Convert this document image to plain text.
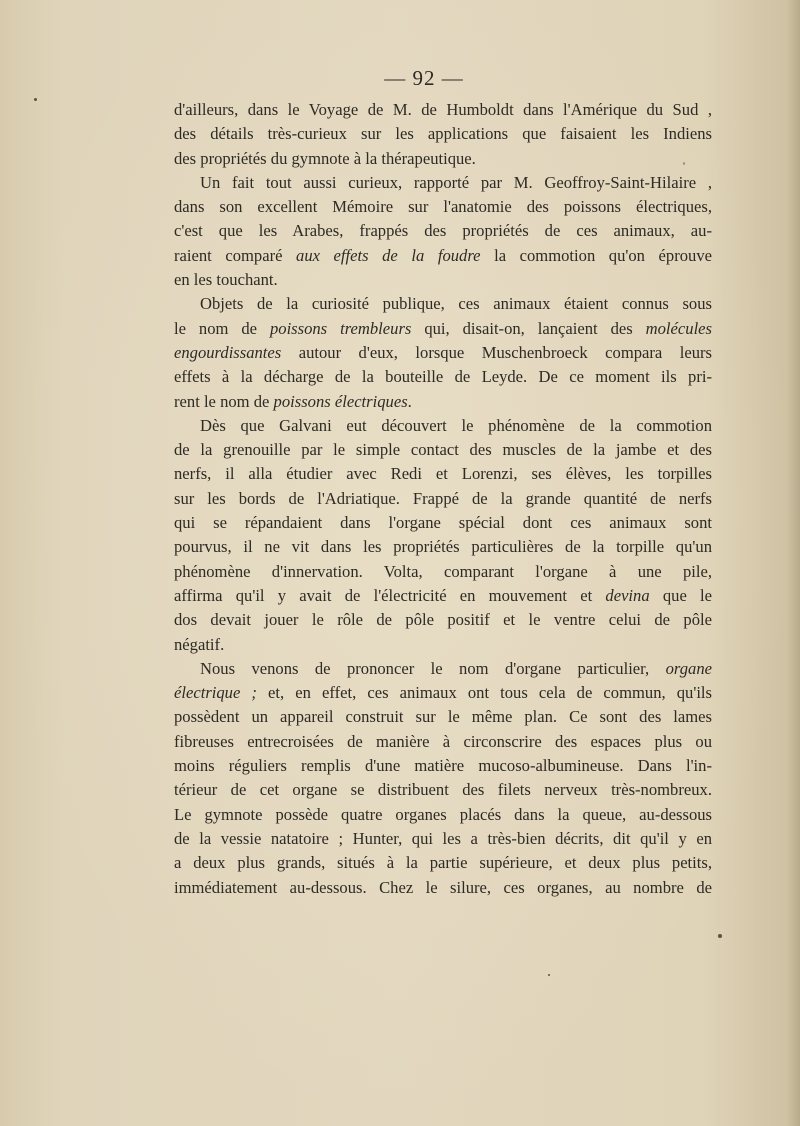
— 92 —

d'ailleurs, dans le Voyage de M. de Humboldt dans l'Amérique du Sud ,
des détails très-curieux sur les applications que faisaient les Indiens
des propriétés du gymnote à la thérapeutique.

Un fait tout aussi curieux, rapporté par M. Geoffroy-Saint-Hilaire ,
dans son excellent Mémoire sur l'anatomie des poissons électriques,
c'est que les Arabes, frappés des propriétés de ces animaux, au-
raient comparé aux effets de la foudre la commotion qu'on éprouve
en les touchant.

Objets de la curiosité publique, ces animaux étaient connus sous
le nom de poissons trembleurs qui, disait-on, lançaient des molécules
engourdissantes autour d'eux, lorsque Muschenbroeck compara leurs
effets à la décharge de la bouteille de Leyde. De ce moment ils pri-
rent le nom de poissons électriques.

Dès que Galvani eut découvert le phénomène de la commotion
de la grenouille par le simple contact des muscles de la jambe et des
nerfs, il alla étudier avec Redi et Lorenzi, ses élèves, les torpilles
sur les bords de l'Adriatique. Frappé de la grande quantité de nerfs
qui se répandaient dans l'organe spécial dont ces animaux sont
pourvus, il ne vit dans les propriétés particulières de la torpille qu'un
phénomène d'innervation. Volta, comparant l'organe à une pile,
affirma qu'il y avait de l'électricité en mouvement et devina que le
dos devait jouer le rôle de pôle positif et le ventre celui de pôle
négatif.

Nous venons de prononcer le nom d'organe particulier, organe
électrique ; et, en effet, ces animaux ont tous cela de commun, qu'ils
possèdent un appareil construit sur le même plan. Ce sont des lames
fibreuses entrecroisées de manière à circonscrire des espaces plus ou
moins réguliers remplis d'une matière mucoso-albumineuse. Dans l'in-
térieur de cet organe se distribuent des filets nerveux très-nombreux.
Le gymnote possède quatre organes placés dans la queue, au-dessous
de la vessie natatoire ; Hunter, qui les a très-bien décrits, dit qu'il y en
a deux plus grands, situés à la partie supérieure, et deux plus petits,
immédiatement au-dessous. Chez le silure, ces organes, au nombre de
